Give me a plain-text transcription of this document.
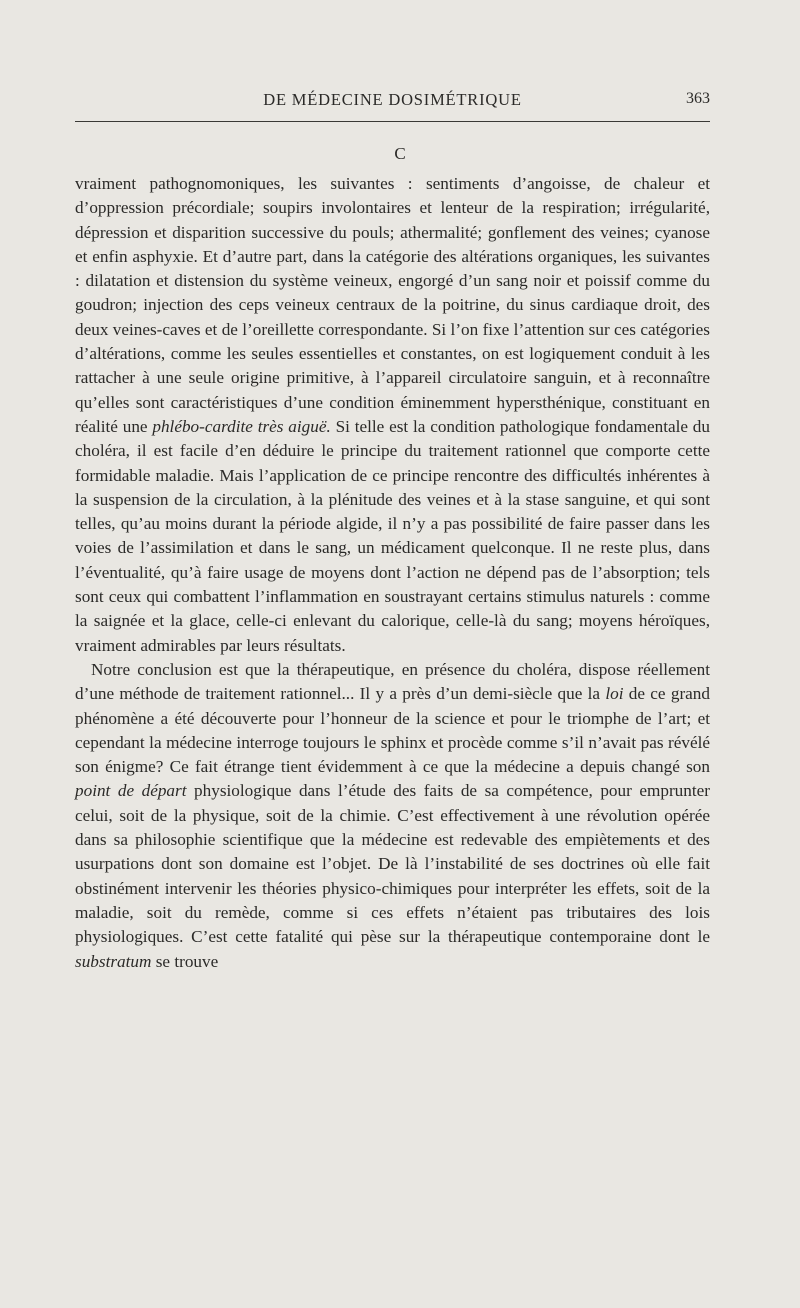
DE MÉDECINE DOSIMÉTRIQUE	363
C

vraiment pathognomoniques, les suivantes : sentiments d’angoisse, de chaleur et d’oppression précordiale; soupirs involontaires et lenteur de la respiration; irrégularité, dépression et disparition successive du pouls; athermalité; gonflement des veines; cyanose et enfin asphyxie. Et d’autre part, dans la catégorie des altérations organiques, les suivantes : dilatation et distension du système veineux, engorgé d’un sang noir et poissif comme du goudron; injection des ceps veineux centraux de la poitrine, du sinus cardiaque droit, des deux veines-caves et de l’oreillette correspondante. Si l’on fixe l’attention sur ces catégories d’altérations, comme les seules essentielles et constantes, on est logiquement conduit à les rattacher à une seule origine primitive, à l’appareil circulatoire sanguin, et à reconnaître qu’elles sont caractéristiques d’une condition éminemment hypersthénique, constituant en réalité une phlébo-cardite très aiguë. Si telle est la condition pathologique fondamentale du choléra, il est facile d’en déduire le principe du traitement rationnel que comporte cette formidable maladie. Mais l’application de ce principe rencontre des difficultés inhérentes à la suspension de la circulation, à la plénitude des veines et à la stase sanguine, et qui sont telles, qu’au moins durant la période algide, il n’y a pas possibilité de faire passer dans les voies de l’assimilation et dans le sang, un médicament quelconque. Il ne reste plus, dans l’éventualité, qu’à faire usage de moyens dont l’action ne dépend pas de l’absorption; tels sont ceux qui combattent l’inflammation en soustrayant certains stimulus naturels : comme la saignée et la glace, celle-ci enlevant du calorique, celle-là du sang; moyens héroïques, vraiment admirables par leurs résultats.

Notre conclusion est que la thérapeutique, en présence du choléra, dispose réellement d’une méthode de traitement rationnel... Il y a près d’un demi-siècle que la loi de ce grand phénomène a été découverte pour l’honneur de la science et pour le triomphe de l’art; et cependant la médecine interroge toujours le sphinx et procède comme s’il n’avait pas révélé son énigme? Ce fait étrange tient évidemment à ce que la médecine a depuis changé son point de départ physiologique dans l’étude des faits de sa compétence, pour emprunter celui, soit de la physique, soit de la chimie. C’est effectivement à une révolution opérée dans sa philosophie scientifique que la médecine est redevable des empiètements et des usurpations dont son domaine est l’objet. De là l’instabilité de ses doctrines où elle fait obstinément intervenir les théories physico-chimiques pour interpréter les effets, soit de la maladie, soit du remède, comme si ces effets n’étaient pas tributaires des lois physiologiques. C’est cette fatalité qui pèse sur la thérapeutique contemporaine dont le substratum se trouve
